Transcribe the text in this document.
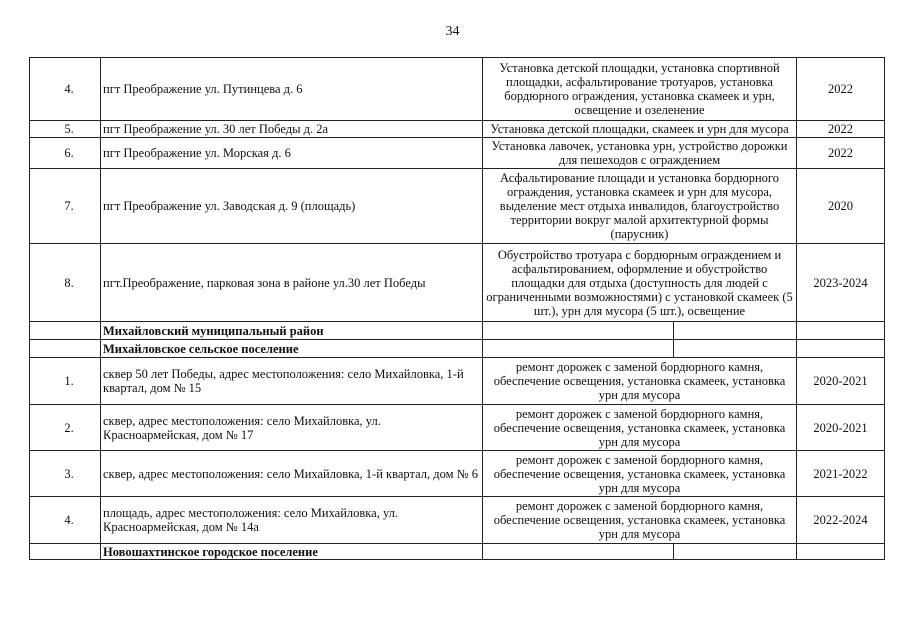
34
4.	пгт Преображение ул. Путинцева д. 6	Установка детской площадки, установка спортивной площадки, асфальтирование тротуаров, установка бордюрного ограждения, установка скамеек и урн, освещение и озеленение		2022
5.	пгт Преображение ул. 30 лет Победы д. 2а	Установка детской площадки, скамеек и урн для мусора		2022
6.	пгт Преображение ул. Морская д. 6	Установка лавочек, установка урн, устройство дорожки для пешеходов с ограждением		2022
7.	пгт Преображение ул. Заводская д. 9 (площадь)	Асфальтирование площади и установка бордюрного ограждения, установка скамеек и урн для мусора, выделение мест отдыха инвалидов, благоустройство территории вокруг малой архитектурной формы (парусник)		2020
8.	пгт.Преображение, парковая зона в районе ул.30 лет Победы	Обустройство тротуара с бордюрным ограждением и асфальтированием, оформление и обустройство площадки для отдыха (доступность для людей с ограниченными возможностями) с установкой скамеек (5 шт.), урн для мусора (5 шт.), освещение		2023-2024
	Михайловский муниципальный район			
	Михайловское сельское поселение			
1.	сквер 50 лет Победы, адрес местоположения: село Михайловка, 1-й квартал, дом № 15	ремонт дорожек с заменой бордюрного камня, обеспечение освещения, установка скамеек, установка урн для мусора		2020-2021
2.	сквер, адрес местоположения: село Михайловка, ул. Красноармейская, дом № 17	ремонт дорожек с заменой бордюрного камня, обеспечение освещения, установка скамеек, установка урн для мусора		2020-2021
3.	сквер, адрес местоположения: село Михайловка, 1-й квартал, дом № 6	ремонт дорожек с заменой бордюрного камня, обеспечение освещения, установка скамеек, установка урн для мусора		2021-2022
4.	площадь, адрес местоположения: село Михайловка, ул. Красноармейская, дом № 14а	ремонт дорожек с заменой бордюрного камня, обеспечение освещения, установка скамеек, установка урн для мусора		2022-2024
	Новошахтинское городское поселение			
